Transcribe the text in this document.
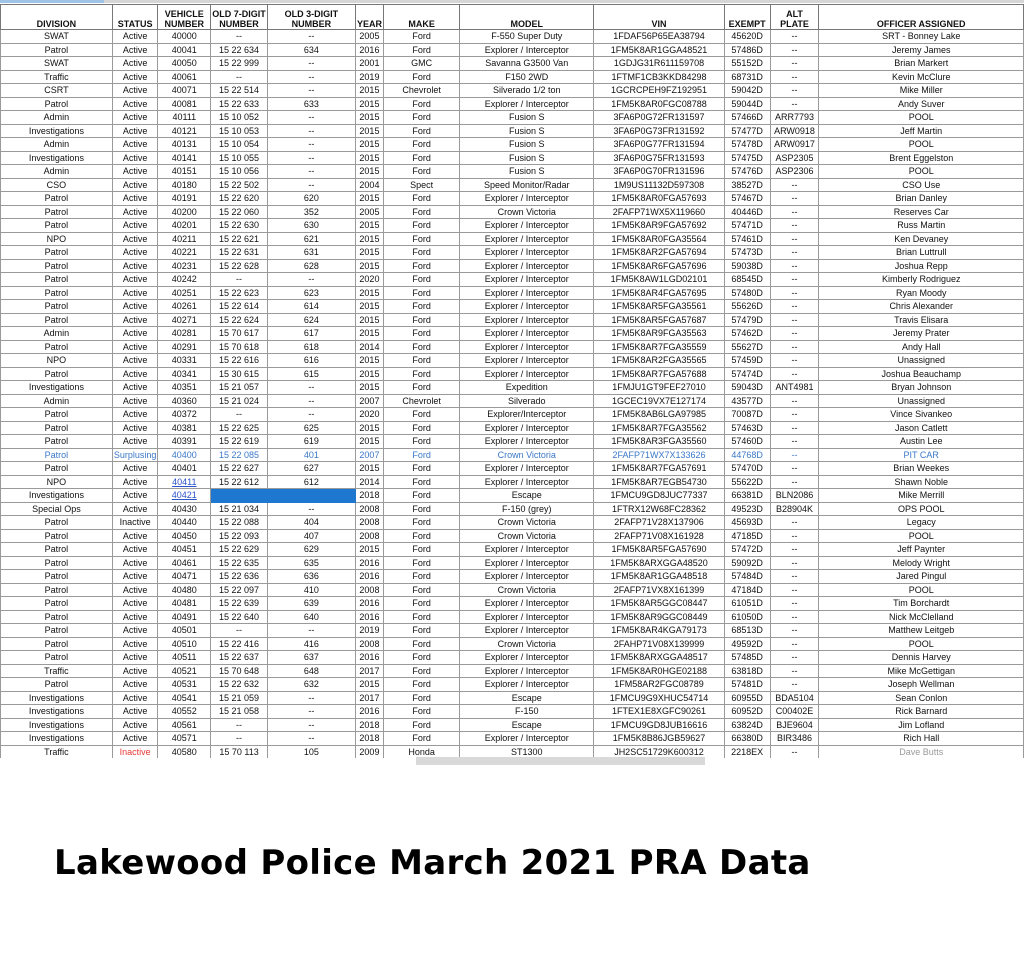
DIVISION	STATUS	VEHICLE NUMBER	OLD 7-DIGIT NUMBER	OLD 3-DIGIT NUMBER	YEAR	MAKE	MODEL	VIN	EXEMPT	ALT PLATE	OFFICER ASSIGNED
SWAT	Active	40000	--	--	2005	Ford	F-550 Super Duty	1FDAF56P65EA38794	45620D	--	SRT - Bonney Lake
Patrol	Active	40041	15 22 634	634	2016	Ford	Explorer / Interceptor	1FM5K8AR1GGA48521	57486D	--	Jeremy James
SWAT	Active	40050	15 22 999	--	2001	GMC	Savanna G3500 Van	1GDJG31R611159708	55152D	--	Brian Markert
Traffic	Active	40061	--	--	2019	Ford	F150 2WD	1FTMF1CB3KKD84298	68731D	--	Kevin McClure
CSRT	Active	40071	15 22 514	--	2015	Chevrolet	Silverado 1/2 ton	1GCRCPEH9FZ192951	59042D	--	Mike Miller
Patrol	Active	40081	15 22 633	633	2015	Ford	Explorer / Interceptor	1FM5K8AR0FGC08788	59044D	--	Andy Suver
Admin	Active	40111	15 10 052	--	2015	Ford	Fusion S	3FA6P0G72FR131597	57466D	ARR7793	POOL
Investigations	Active	40121	15 10 053	--	2015	Ford	Fusion S	3FA6P0G73FR131592	57477D	ARW0918	Jeff Martin
Admin	Active	40131	15 10 054	--	2015	Ford	Fusion S	3FA6P0G77FR131594	57478D	ARW0917	POOL
Investigations	Active	40141	15 10 055	--	2015	Ford	Fusion S	3FA6P0G75FR131593	57475D	ASP2305	Brent Eggelston
Admin	Active	40151	15 10 056	--	2015	Ford	Fusion S	3FA6P0G70FR131596	57476D	ASP2306	POOL
CSO	Active	40180	15 22 502	--	2004	Spect	Speed Monitor/Radar	1M9US11132D597308	38527D	--	CSO Use
Patrol	Active	40191	15 22 620	620	2015	Ford	Explorer / Interceptor	1FM5K8AR0FGA57693	57467D	--	Brian Danley
Patrol	Active	40200	15 22 060	352	2005	Ford	Crown Victoria	2FAFP71WX5X119660	40446D	--	Reserves Car
Patrol	Active	40201	15 22 630	630	2015	Ford	Explorer / Interceptor	1FM5K8AR9FGA57692	57471D	--	Russ Martin
NPO	Active	40211	15 22 621	621	2015	Ford	Explorer / Interceptor	1FM5K8AR0FGA35564	57461D	--	Ken Devaney
Patrol	Active	40221	15 22 631	631	2015	Ford	Explorer / Interceptor	1FM5K8AR2FGA57694	57473D	--	Brian Luttrull
Patrol	Active	40231	15 22 628	628	2015	Ford	Explorer / Interceptor	1FM5K8AR6FGA57696	59038D	--	Joshua Repp
Patrol	Active	40242	--	--	2020	Ford	Explorer / Interceptor	1FM5K8AW1LGD02101	68545D	--	Kimberly Rodriguez
Patrol	Active	40251	15 22 623	623	2015	Ford	Explorer / Interceptor	1FM5K8AR4FGA57695	57480D	--	Ryan Moody
Patrol	Active	40261	15 22 614	614	2015	Ford	Explorer / Interceptor	1FM5K8AR5FGA35561	55626D	--	Chris Alexander
Patrol	Active	40271	15 22 624	624	2015	Ford	Explorer / Interceptor	1FM5K8AR5FGA57687	57479D	--	Travis Elisara
Admin	Active	40281	15 70 617	617	2015	Ford	Explorer / Interceptor	1FM5K8AR9FGA35563	57462D	--	Jeremy Prater
Patrol	Active	40291	15 70 618	618	2014	Ford	Explorer / Interceptor	1FM5K8AR7FGA35559	55627D	--	Andy Hall
NPO	Active	40331	15 22 616	616	2015	Ford	Explorer / Interceptor	1FM5K8AR2FGA35565	57459D	--	Unassigned
Patrol	Active	40341	15 30 615	615	2015	Ford	Explorer / Interceptor	1FM5K8AR7FGA57688	57474D	--	Joshua Beauchamp
Investigations	Active	40351	15 21 057	--	2015	Ford	Expedition	1FMJU1GT9FEF27010	59043D	ANT4981	Bryan Johnson
Admin	Active	40360	15 21 024	--	2007	Chevrolet	Silverado	1GCEC19VX7E127174	43577D	--	Unassigned
Patrol	Active	40372	--	--	2020	Ford	Explorer/Interceptor	1FM5K8AB6LGA97985	70087D	--	Vince Sivankeo
Patrol	Active	40381	15 22 625	625	2015	Ford	Explorer / Interceptor	1FM5K8AR7FGA35562	57463D	--	Jason Catlett
Patrol	Active	40391	15 22 619	619	2015	Ford	Explorer / Interceptor	1FM5K8AR3FGA35560	57460D	--	Austin Lee
Patrol	Surplusing	40400	15 22 085	401	2007	Ford	Crown Victoria	2FAFP71WX7X133626	44768D	--	PIT CAR
Patrol	Active	40401	15 22 627	627	2015	Ford	Explorer / Interceptor	1FM5K8AR7FGA57691	57470D	--	Brian Weekes
NPO	Active	40411	15 22 612	612	2014	Ford	Explorer / Interceptor	1FM5K8AR7EGB54730	55622D	--	Shawn Noble
Investigations	Active	40421	--	--	2018	Ford	Escape	1FMCU9GD8JUC77337	66381D	BLN2086	Mike Merrill
Special Ops	Active	40430	15 21 034	--	2008	Ford	F-150 (grey)	1FTRX12W68FC28362	49523D	B28904K	OPS POOL
Patrol	Inactive	40440	15 22 088	404	2008	Ford	Crown Victoria	2FAFP71V28X137906	45693D	--	Legacy
Patrol	Active	40450	15 22 093	407	2008	Ford	Crown Victoria	2FAFP71V08X161928	47185D	--	POOL
Patrol	Active	40451	15 22 629	629	2015	Ford	Explorer / Interceptor	1FM5K8AR5FGA57690	57472D	--	Jeff Paynter
Patrol	Active	40461	15 22 635	635	2016	Ford	Explorer / Interceptor	1FM5K8ARXGGA48520	59092D	--	Melody Wright
Patrol	Active	40471	15 22 636	636	2016	Ford	Explorer / Interceptor	1FM5K8AR1GGA48518	57484D	--	Jared Pingul
Patrol	Active	40480	15 22 097	410	2008	Ford	Crown Victoria	2FAFP71VX8X161399	47184D	--	POOL
Patrol	Active	40481	15 22 639	639	2016	Ford	Explorer / Interceptor	1FM5K8AR5GGC08447	61051D	--	Tim Borchardt
Patrol	Active	40491	15 22 640	640	2016	Ford	Explorer / Interceptor	1FM5K8AR9GGC08449	61050D	--	Nick McClelland
Patrol	Active	40501	--	--	2019	Ford	Explorer / Interceptor	1FM5K8AR4KGA79173	68513D	--	Matthew Leitgeb
Patrol	Active	40510	15 22 416	416	2008	Ford	Crown Victoria	2FAHP71V08X139999	49592D	--	POOL
Patrol	Active	40511	15 22 637	637	2016	Ford	Explorer / Interceptor	1FM5K8ARXGGA48517	57485D	--	Dennis Harvey
Traffic	Active	40521	15 70 648	648	2017	Ford	Explorer / Interceptor	1FM5K8AR0HGE02188	63818D	--	Mike McGettigan
Patrol	Active	40531	15 22 632	632	2015	Ford	Explorer / Interceptor	1FM58AR2FGC08789	57481D	--	Joseph Wellman
Investigations	Active	40541	15 21 059	--	2017	Ford	Escape	1FMCU9G9XHUC54714	60955D	BDA5104	Sean Conlon
Investigations	Active	40552	15 21 058	--	2016	Ford	F-150	1FTEX1E8XGFC90261	60952D	C00402E	Rick Barnard
Investigations	Active	40561	--	--	2018	Ford	Escape	1FMCU9GD8JUB16616	63824D	BJE9604	Jim Lofland
Investigations	Active	40571	--	--	2018	Ford	Explorer / Interceptor	1FM5K8B86JGB59627	66380D	BIR3486	Rich Hall
Traffic	Inactive	40580	15 70 113	105	2009	Honda	ST1300	JH2SC51729K600312	2218EX	--	Dave Butts
Lakewood Police March 2021 PRA Data
